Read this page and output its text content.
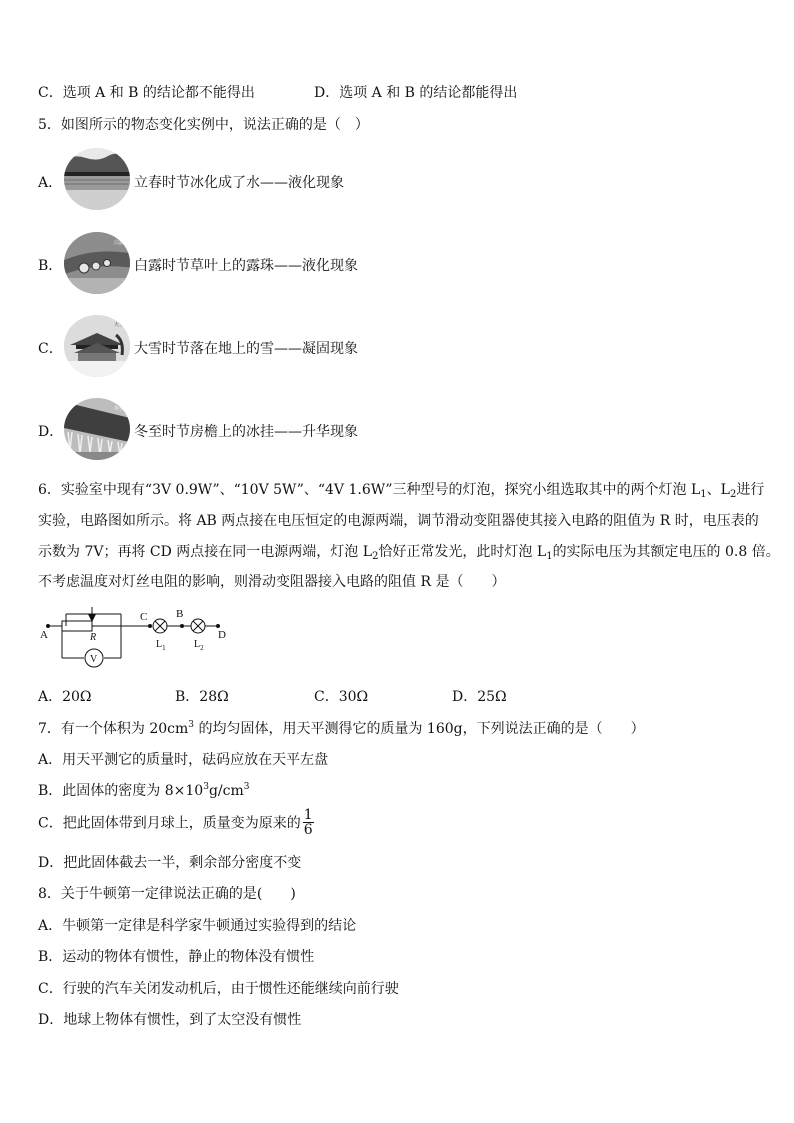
C．选项 A 和 B 的结论都不能得出	D．选项 A 和 B 的结论都能得出
5．如图所示的物态变化实例中，说法正确的是（　）
A．
立春
立春时节冰化成了水——液化现象
B．
白露
白露时节草叶上的露珠——液化现象
C．
大雪
大雪时节落在地上的雪——凝固现象
D．
冬至
冬至时节房檐上的冰挂——升华现象
6．实验室中现有“3V 0.9W”、“10V 5W”、“4V 1.6W”三种型号的灯泡，探究小组选取其中的两个灯泡 $L_1$、$L_2$进行
实验，电路图如所示。将 AB 两点接在电压恒定的电源两端，调节滑动变阻器使其接入电路的阻值为 R 时，电压表的
示数为 7V；再将 CD 两点接在同一电源两端，灯泡 $L_2$恰好正常发光，此时灯泡 $L_1$的实际电压为其额定电压的 0.8 倍。
不考虑温度对灯丝电阻的影响，则滑动变阻器接入电路的阻值 R 是（　　）
A
C	B
D
R
V
$L_1$	$L_2$
A．20Ω	B．28Ω	C．30Ω	D．25Ω
7．有一个体积为 $20cm^3$ 的均匀固体，用天平测得它的质量为 160g，下列说法正确的是（　　）
A．用天平测它的质量时，砝码应放在天平左盘
B．此固体的密度为 $8\times 10^3g/cm^3$
C．把此固体带到月球上，质量变为原来的 $\frac{1}{6}$
D．把此固体截去一半，剩余部分密度不变
8．关于牛顿第一定律说法正确的是(　　)
A．牛顿第一定律是科学家牛顿通过实验得到的结论
B．运动的物体有惯性，静止的物体没有惯性
C．行驶的汽车关闭发动机后，由于惯性还能继续向前行驶
D．地球上物体有惯性，到了太空没有惯性
